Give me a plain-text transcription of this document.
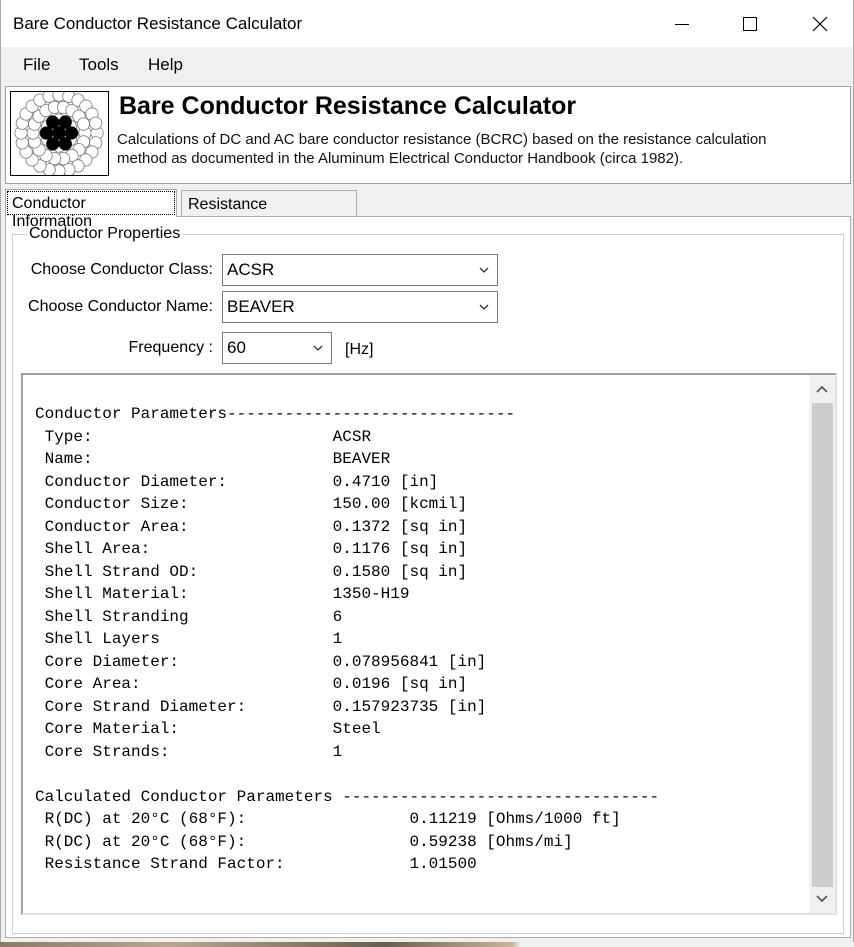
Bare Conductor Resistance Calculator
File Tools Help
Bare Conductor Resistance Calculator
Calculations of DC and AC bare conductor resistance (BCRC) based on the resistance calculation
method as documented in the Aluminum Electrical Conductor Handbook (circa 1982).
Conductor Information
Resistance
Conductor Properties
Choose Conductor Class: ACSR
Choose Conductor Name: BEAVER
Frequency : 60	[Hz]
Conductor Parameters------------------------------
Type:                         ACSR
Name:                         BEAVER
Conductor Diameter:           0.4710 [in]
Conductor Size:               150.00 [kcmil]
Conductor Area:               0.1372 [sq in]
Shell Area:                   0.1176 [sq in]
Shell Strand OD:              0.1580 [sq in]
Shell Material:               1350-H19
Shell Stranding               6
Shell Layers                  1
Core Diameter:                0.078956841 [in]
Core Area:                    0.0196 [sq in]
Core Strand Diameter:         0.157923735 [in]
Core Material:                Steel
Core Strands:                 1

Calculated Conductor Parameters ---------------------------------
R(DC) at 20°C (68°F):                 0.11219 [Ohms/1000 ft]
R(DC) at 20°C (68°F):                 0.59238 [Ohms/mi]
Resistance Strand Factor:             1.01500
